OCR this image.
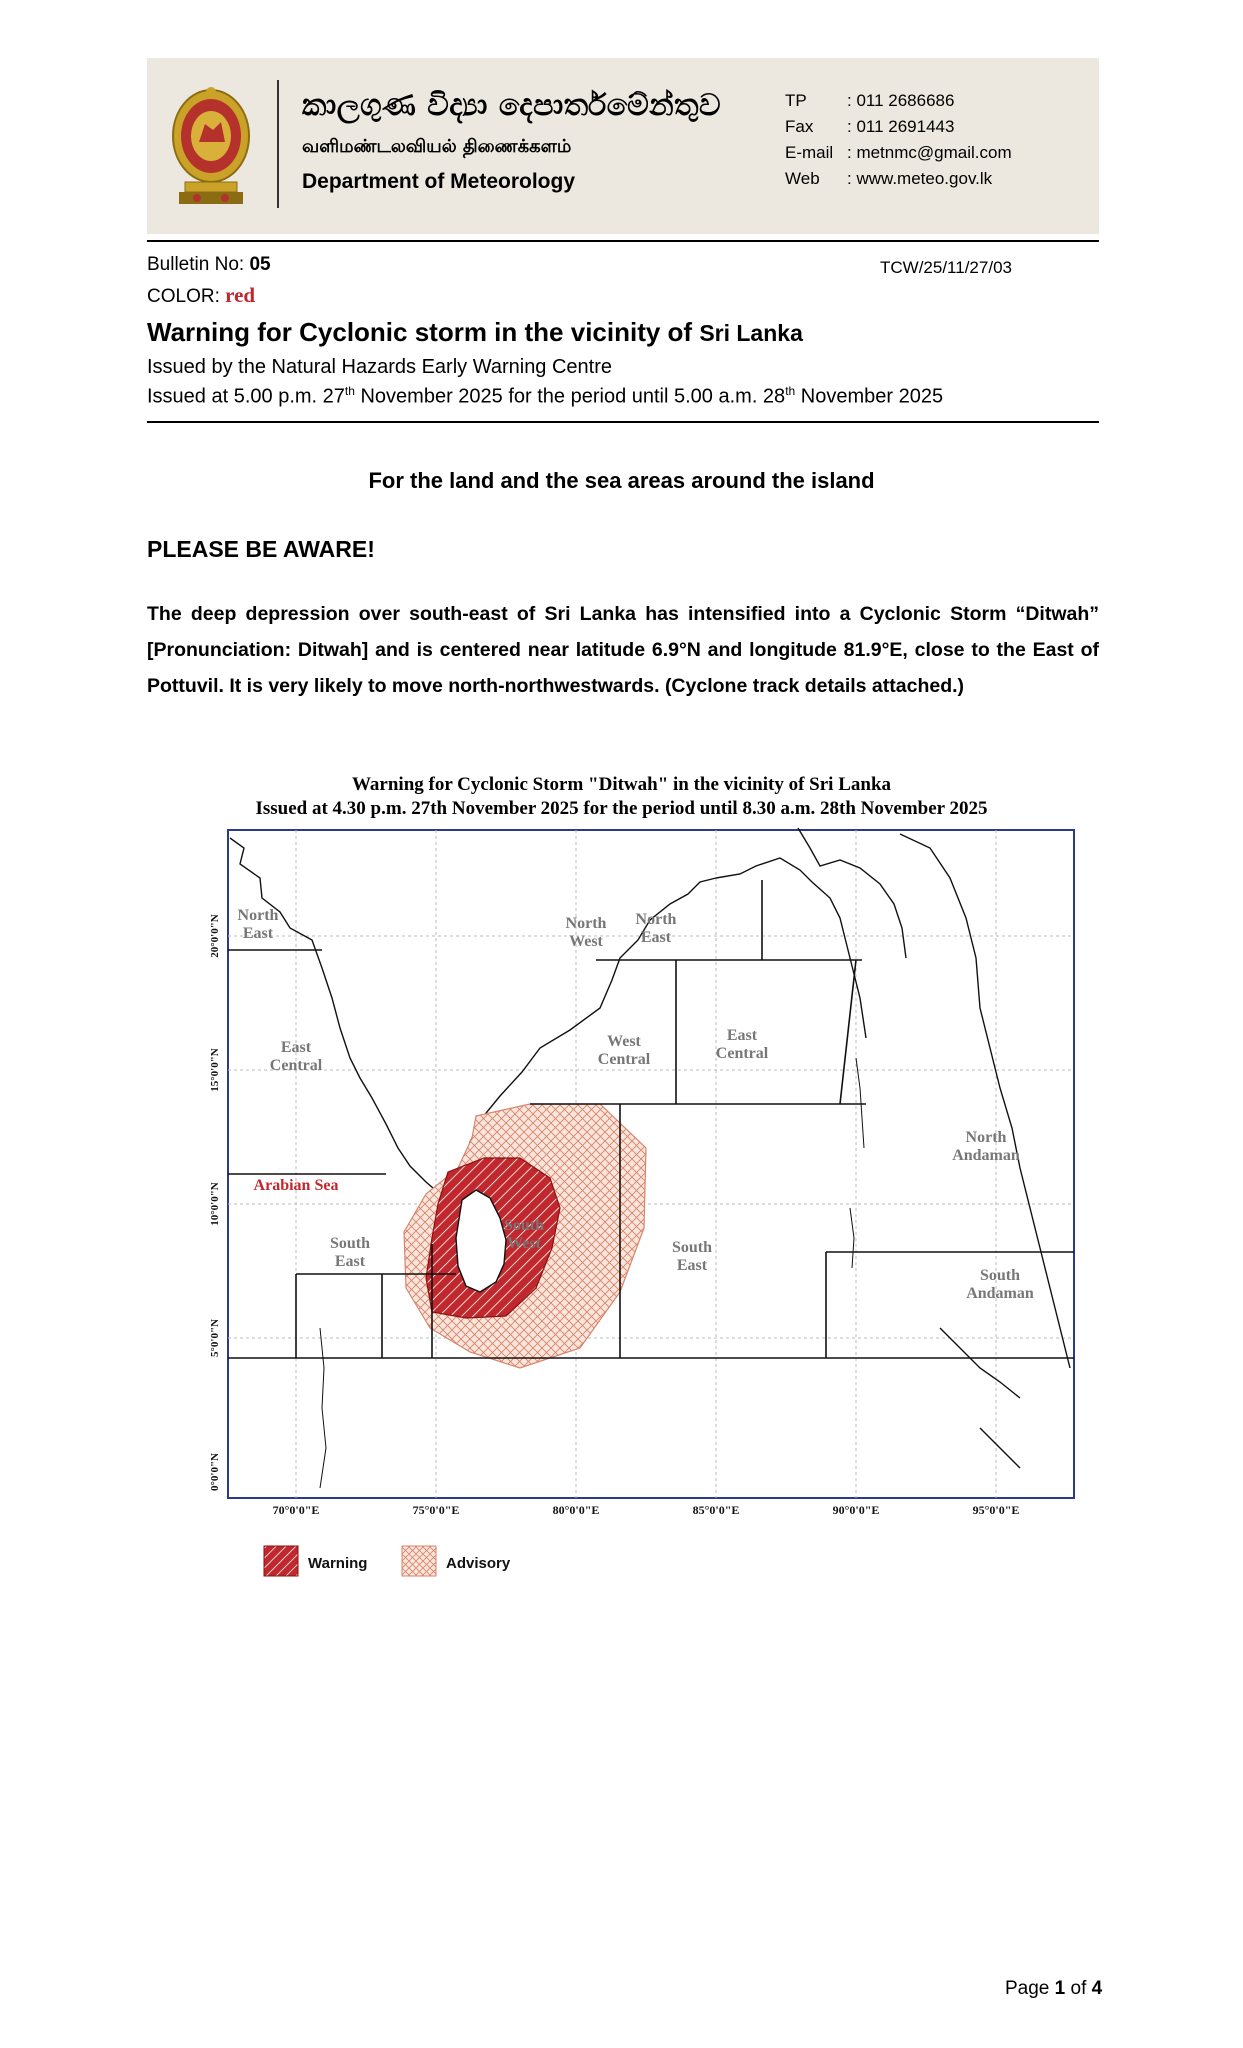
කාලගුණ විද්‍යා දෙපාර්තමේන්තුව
வளிமண்டலவியல் திணைக்களம்
Department of Meteorology
TP	: 011 2686686
Fax	: 011 2691443
E-mail : metnmc@gmail.com
Web	: www.meteo.gov.lk
Bulletin No: 05
COLOR: red
TCW/25/11/27/03
Warning for Cyclonic storm in the vicinity of Sri Lanka
Issued by the Natural Hazards Early Warning Centre
Issued at 5.00 p.m. 27th November 2025 for the period until 5.00 a.m. 28th November 2025
For the land and the sea areas around the island
PLEASE BE AWARE!
The deep depression over south-east of Sri Lanka has intensified into a Cyclonic Storm “Ditwah” [Pronunciation: Ditwah] and is centered near latitude 6.9°N and longitude 81.9°E, close to the East of Pottuvil. It is very likely to move north-northwestwards. (Cyclone track details attached.)
Warning for Cyclonic Storm "Ditwah" in the vicinity of Sri Lanka
Issued at 4.30 p.m. 27th November 2025 for the period until 8.30 a.m. 28th November 2025
North East
East Central
South East
North West
North East
West Central
East Central
North Andaman
South West	South East
South Andaman
Arabian Sea
70°0'0"E	75°0'0"E	80°0'0"E	85°0'0"E	90°0'0"E	95°0'0"E
20°0'0"N
15°0'0"N
10°0'0"N
5°0'0"N
0°0'0"N
Warning	Advisory
Page 1 of 4
